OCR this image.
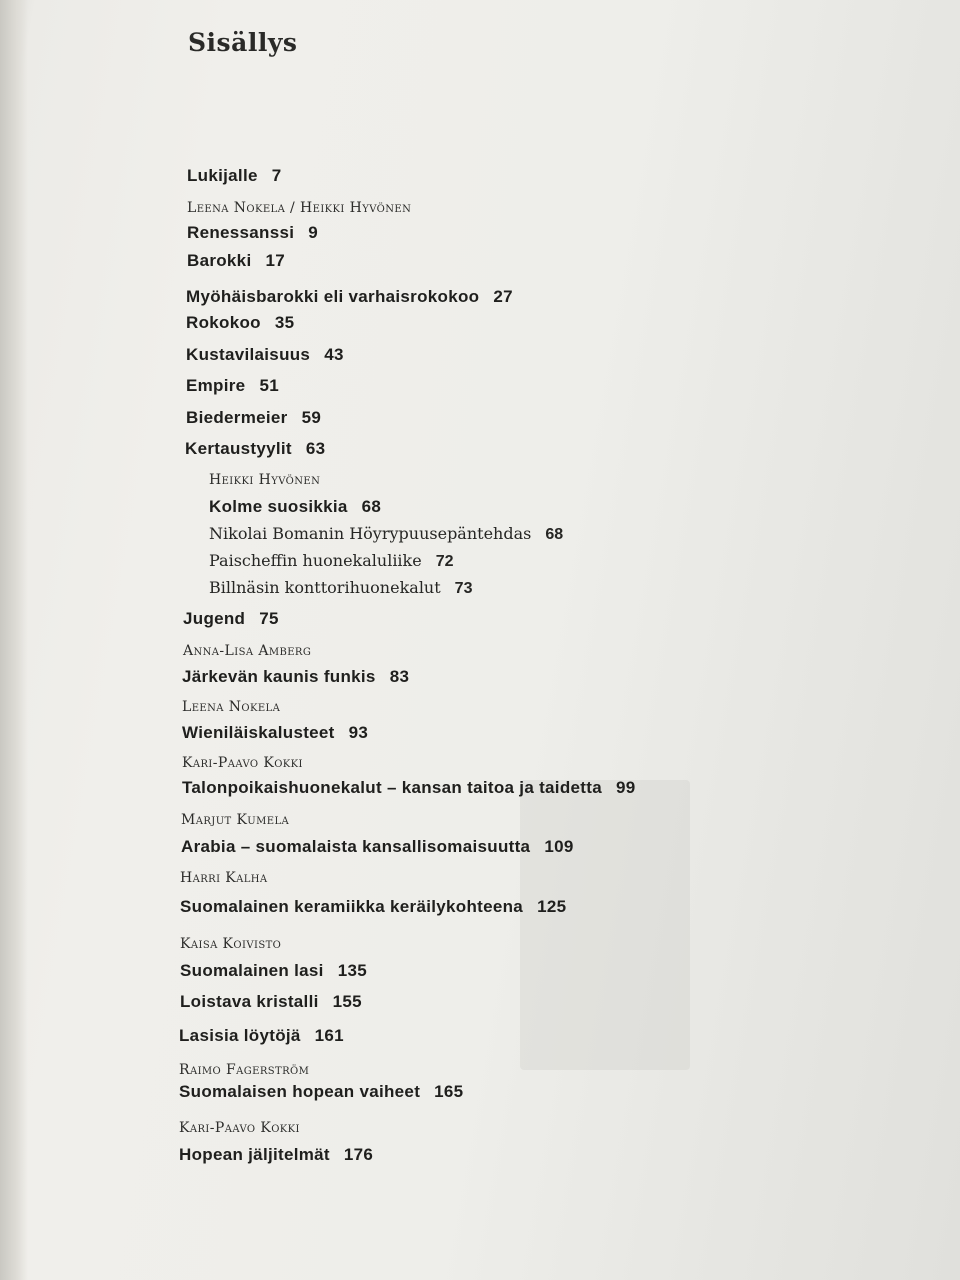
Sisällys
Lukijalle 7
Leena Nokela / Heikki Hyvönen
Renessanssi 9
Barokki 17
Myöhäisbarokki eli varhaisrokokoo 27
Rokokoo 35
Kustavilaisuus 43
Empire 51
Biedermeier 59
Kertaustyylit 63
Heikki Hyvönen
Kolme suosikkia 68
Nikolai Bomanin Höyrypuusepäntehdas 68
Paischeffin huonekaluliike 72
Billnäsin konttorihuonekalut 73
Jugend 75
Anna-Lisa Amberg
Järkevän kaunis funkis 83
Leena Nokela
Wieniläiskalusteet 93
Kari-Paavo Kokki
Talonpoikaishuonekalut – kansan taitoa ja taidetta 99
Marjut Kumela
Arabia – suomalaista kansallisomaisuutta 109
Harri Kalha
Suomalainen keramiikka keräilykohteena 125
Kaisa Koivisto
Suomalainen lasi 135
Loistava kristalli 155
Lasisia löytöjä 161
Raimo Fagerström
Suomalaisen hopean vaiheet 165
Kari-Paavo Kokki
Hopean jäljitelmät 176
